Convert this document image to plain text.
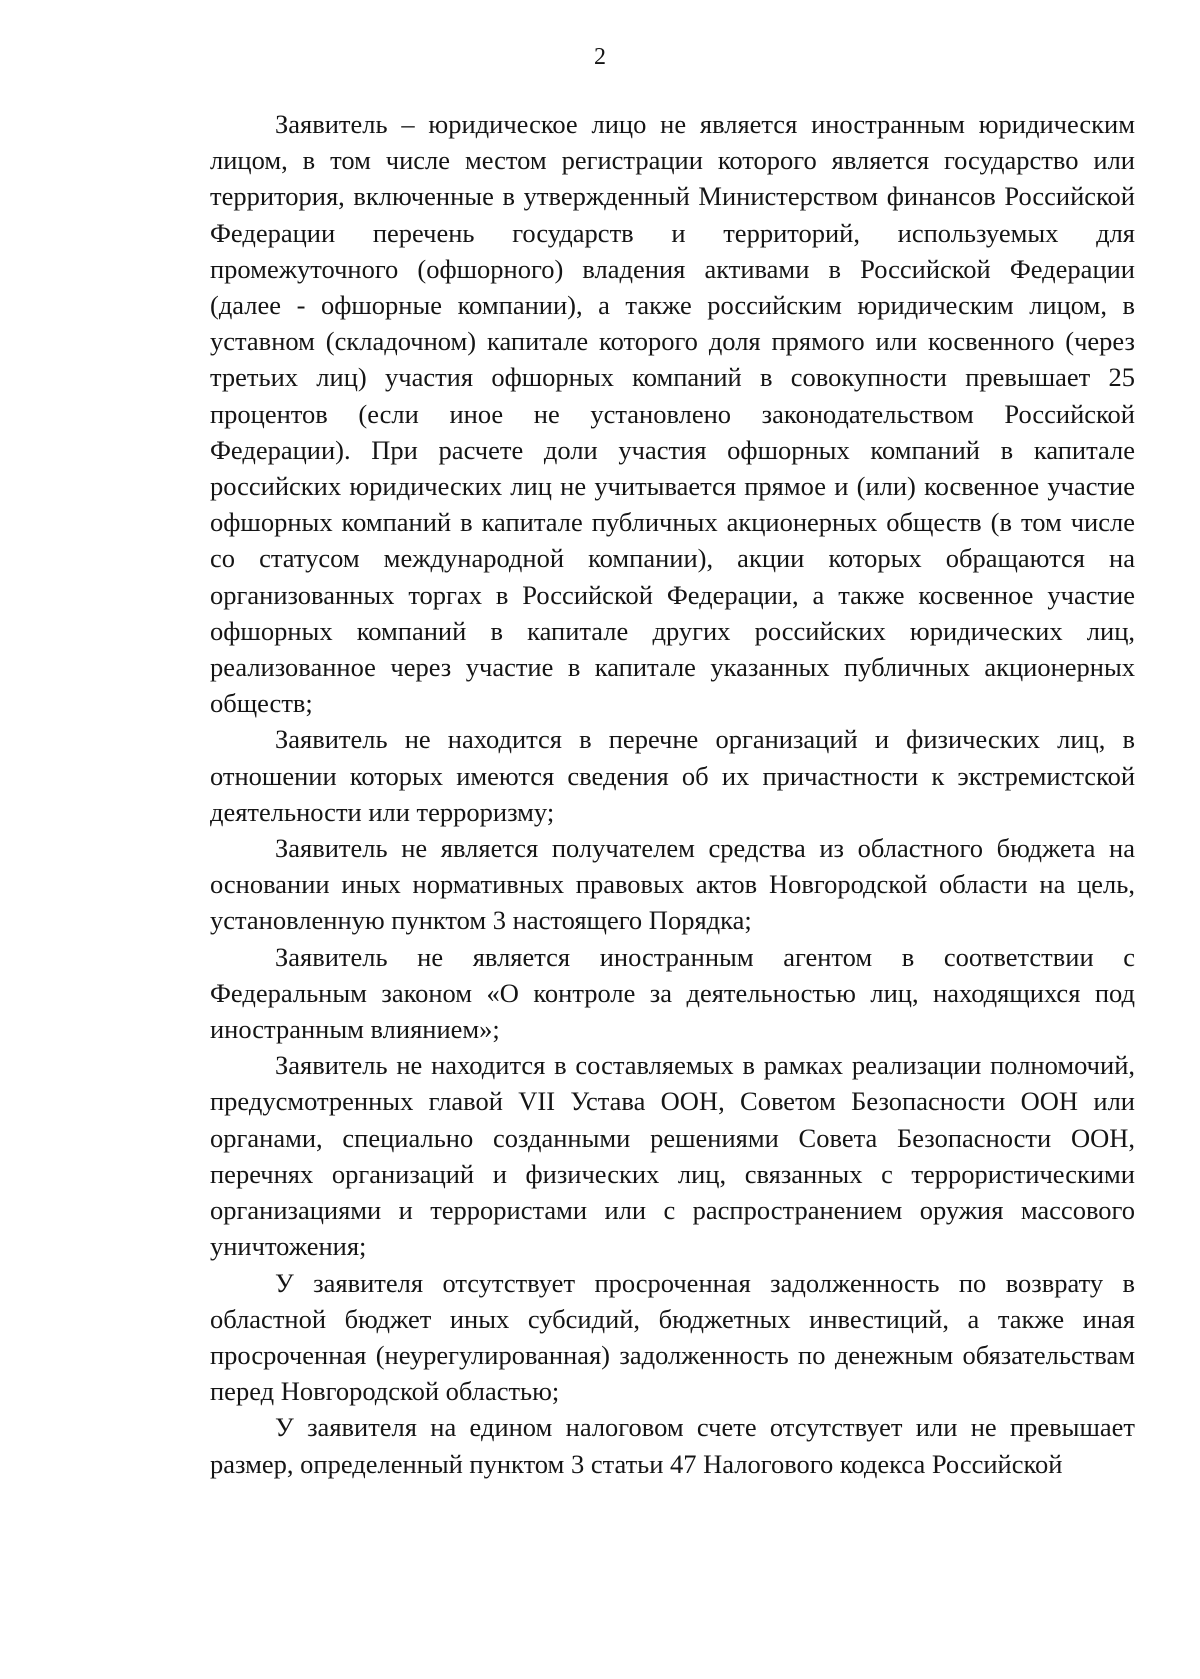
2

Заявитель – юридическое лицо не является иностранным юридическим лицом, в том числе местом регистрации которого является государство или территория, включенные в утвержденный Министерством финансов Российской Федерации перечень государств и территорий, используемых для промежуточного (офшорного) владения активами в Российской Федерации (далее - офшорные компании), а также российским юридическим лицом, в уставном (складочном) капитале которого доля прямого или косвенного (через третьих лиц) участия офшорных компаний в совокупности превышает 25 процентов (если иное не установлено законодательством Российской Федерации). При расчете доли участия офшорных компаний в капитале российских юридических лиц не учитывается прямое и (или) косвенное участие офшорных компаний в капитале публичных акционерных обществ (в том числе со статусом международной компании), акции которых обращаются на организованных торгах в Российской Федерации, а также косвенное участие офшорных компаний в капитале других российских юридических лиц, реализованное через участие в капитале указанных публичных акционерных обществ;

Заявитель не находится в перечне организаций и физических лиц, в отношении которых имеются сведения об их причастности к экстремистской деятельности или терроризму;

Заявитель не является получателем средства из областного бюджета на основании иных нормативных правовых актов Новгородской области на цель, установленную пунктом 3 настоящего Порядка;

Заявитель не является иностранным агентом в соответствии с Федеральным законом «О контроле за деятельностью лиц, находящихся под иностранным влиянием»;

Заявитель не находится в составляемых в рамках реализации полномочий, предусмотренных главой VII Устава ООН, Советом Безопасности ООН или органами, специально созданными решениями Совета Безопасности ООН, перечнях организаций и физических лиц, связанных с террористическими организациями и террористами или с распространением оружия массового уничтожения;

У заявителя отсутствует просроченная задолженность по возврату в областной бюджет иных субсидий, бюджетных инвестиций, а также иная просроченная (неурегулированная) задолженность по денежным обязательствам перед Новгородской областью;

У заявителя на едином налоговом счете отсутствует или не превышает размер, определенный пунктом 3 статьи 47 Налогового кодекса Российской
